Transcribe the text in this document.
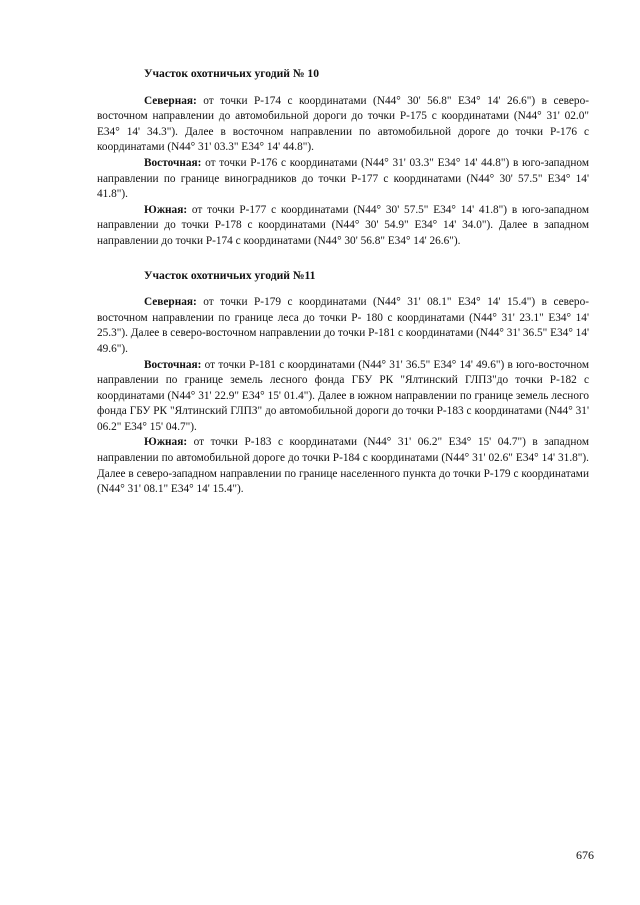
Участок охотничьих угодий № 10

Северная: от точки Р-174 с координатами (N44° 30' 56.8" E34° 14' 26.6") в северо-восточном направлении до автомобильной дороги до точки Р-175 с координатами (N44° 31' 02.0" E34° 14' 34.3"). Далее в восточном направлении по автомобильной дороге до точки Р-176 с координатами (N44° 31' 03.3" E34° 14' 44.8").

Восточная: от точки Р-176 с координатами (N44° 31' 03.3" E34° 14' 44.8") в юго-западном направлении по границе виноградников до точки Р-177 с координатами (N44° 30' 57.5" E34° 14' 41.8").

Южная: от точки Р-177 с координатами (N44° 30' 57.5" E34° 14' 41.8") в юго-западном направлении до точки Р-178 с координатами (N44° 30' 54.9" E34° 14' 34.0"). Далее в западном направлении до точки Р-174 с координатами (N44° 30' 56.8" E34° 14' 26.6").

Участок охотничьих угодий №11

Северная: от точки Р-179 с координатами (N44° 31' 08.1" E34° 14' 15.4") в северо-восточном направлении по границе леса до точки Р- 180 с координатами (N44° 31' 23.1" E34° 14' 25.3"). Далее в северо-восточном направлении до точки Р-181 с координатами (N44° 31' 36.5" E34° 14' 49.6").

Восточная: от точки Р-181 с координатами (N44° 31' 36.5" E34° 14' 49.6") в юго-восточном направлении по границе земель лесного фонда ГБУ РК "Ялтинский ГЛПЗ"до точки Р-182 с координатами (N44° 31' 22.9" E34° 15' 01.4"). Далее в южном направлении по границе земель лесного фонда ГБУ РК "Ялтинский ГЛПЗ" до автомобильной дороги до точки Р-183 с координатами (N44° 31' 06.2" E34° 15' 04.7").

Южная: от точки Р-183 с координатами (N44° 31' 06.2" E34° 15' 04.7") в западном направлении по автомобильной дороге до точки Р-184 с координатами (N44° 31' 02.6" E34° 14' 31.8"). Далее в северо-западном направлении по границе населенного пункта до точки Р-179 с координатами (N44° 31' 08.1" E34° 14' 15.4").

676
